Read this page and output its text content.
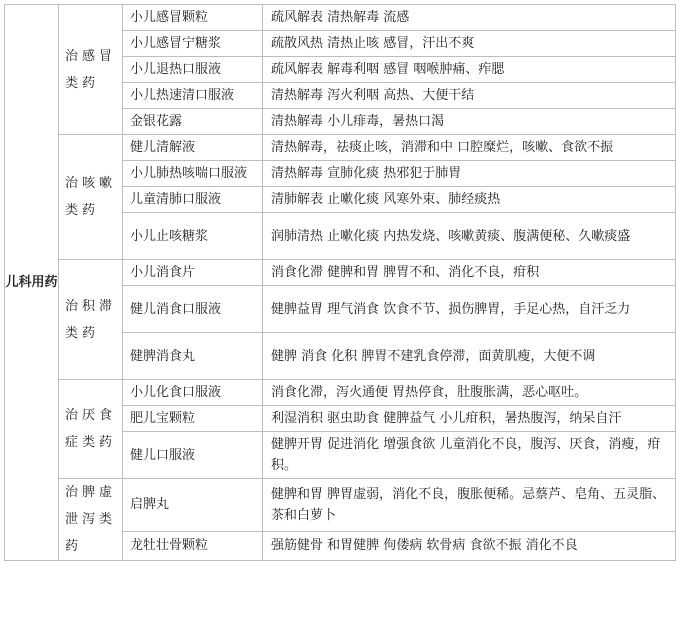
儿科用药	治感冒类药	小儿感冒颗粒	疏风解表 清热解毒 流感
		小儿感冒宁糖浆	疏散风热 清热止咳 感冒，汗出不爽
		小儿退热口服液	疏风解表 解毒利咽 感冒 咽喉肿痛、痄腮
		小儿热速清口服液	清热解毒 泻火利咽 高热、大便干结
		金银花露	清热解毒 小儿痱毒，暑热口渴
	治咳嗽类药	健儿清解液	清热解毒，祛痰止咳，消滞和中 口腔糜烂，咳嗽、食欲不振
		小儿肺热咳喘口服液	清热解毒 宣肺化痰 热邪犯于肺胃
		儿童清肺口服液	清肺解表 止嗽化痰 风寒外束、肺经痰热
		小儿止咳糖浆	润肺清热 止嗽化痰 内热发烧、咳嗽黄痰、腹满便秘、久嗽痰盛
	治积滞类药	小儿消食片	消食化滞 健脾和胃 脾胃不和、消化不良，疳积
		健儿消食口服液	健脾益胃 理气消食 饮食不节、损伤脾胃，手足心热，自汗乏力
		健脾消食丸	健脾 消食 化积 脾胃不建乳食停滞，面黄肌瘦，大便不调
	治厌食症类药	小儿化食口服液	消食化滞，泻火通便 胃热停食，肚腹胀满，恶心呕吐。
		肥儿宝颗粒	利湿消积 驱虫助食 健脾益气 小儿疳积，暑热腹泻，纳呆自汗
		健儿口服液	健脾开胃 促进消化 增强食欲 儿童消化不良，腹泻、厌食，消瘦，疳积。
	治脾虚泄泻类药	启脾丸	健脾和胃 脾胃虚弱，消化不良，腹胀便稀。忌蔡芦、皂角、五灵脂、茶和白萝卜
		龙牡壮骨颗粒	强筋健骨 和胃健脾 佝偻病 软骨病 食欲不振 消化不良
